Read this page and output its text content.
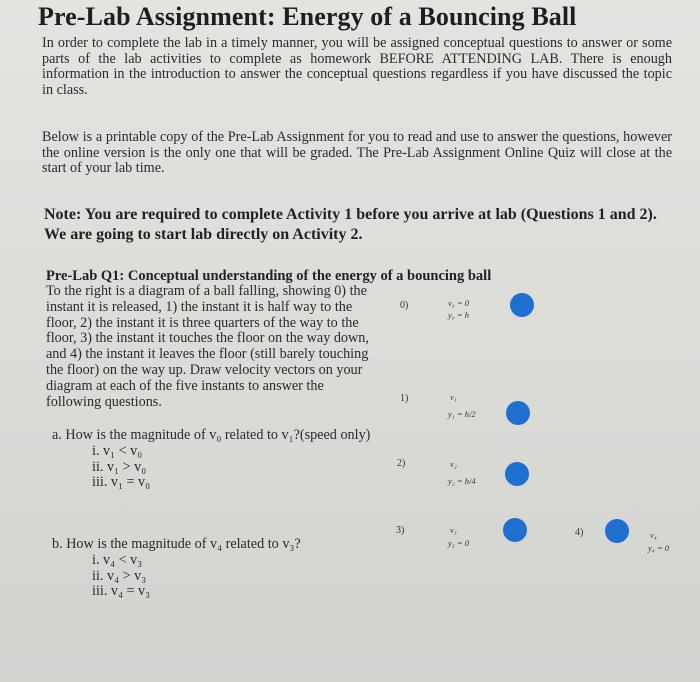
Pre-Lab Assignment: Energy of a Bouncing Ball
In order to complete the lab in a timely manner, you will be assigned conceptual questions to answer or some parts of the lab activities to complete as homework BEFORE ATTENDING LAB. There is enough information in the introduction to answer the conceptual questions regardless if you have discussed the topic in class.
Below is a printable copy of the Pre-Lab Assignment for you to read and use to answer the questions, however the online version is the only one that will be graded. The Pre-Lab Assignment Online Quiz will close at the start of your lab time.
Note: You are required to complete Activity 1 before you arrive at lab (Questions 1 and 2). We are going to start lab directly on Activity 2.
Pre-Lab Q1: Conceptual understanding of the energy of a bouncing ball
To the right is a diagram of a ball falling, showing 0) the instant it is released, 1) the instant it is half way to the floor, 2) the instant it is three quarters of the way to the floor, 3) the instant it touches the floor on the way down, and 4) the instant it leaves the floor (still barely touching the floor) on the way up. Draw velocity vectors on your diagram at each of the five instants to answer the following questions.
a. How is the magnitude of v₀ related to v₁?(speed only)
i. v₁ < v₀
ii. v₁ > v₀
iii. v₁ = v₀
b. How is the magnitude of v₄ related to v₃?
i. v₄ < v₃
ii. v₄ > v₃
iii. v₄ = v₃
0)	v₀ = 0
y₀ = h
1)	v₁
y₁ = h/2
2)	v₂
y₂ = h/4
3)	v₃
y₃ = 0
4)	v₄
y₄ = 0
